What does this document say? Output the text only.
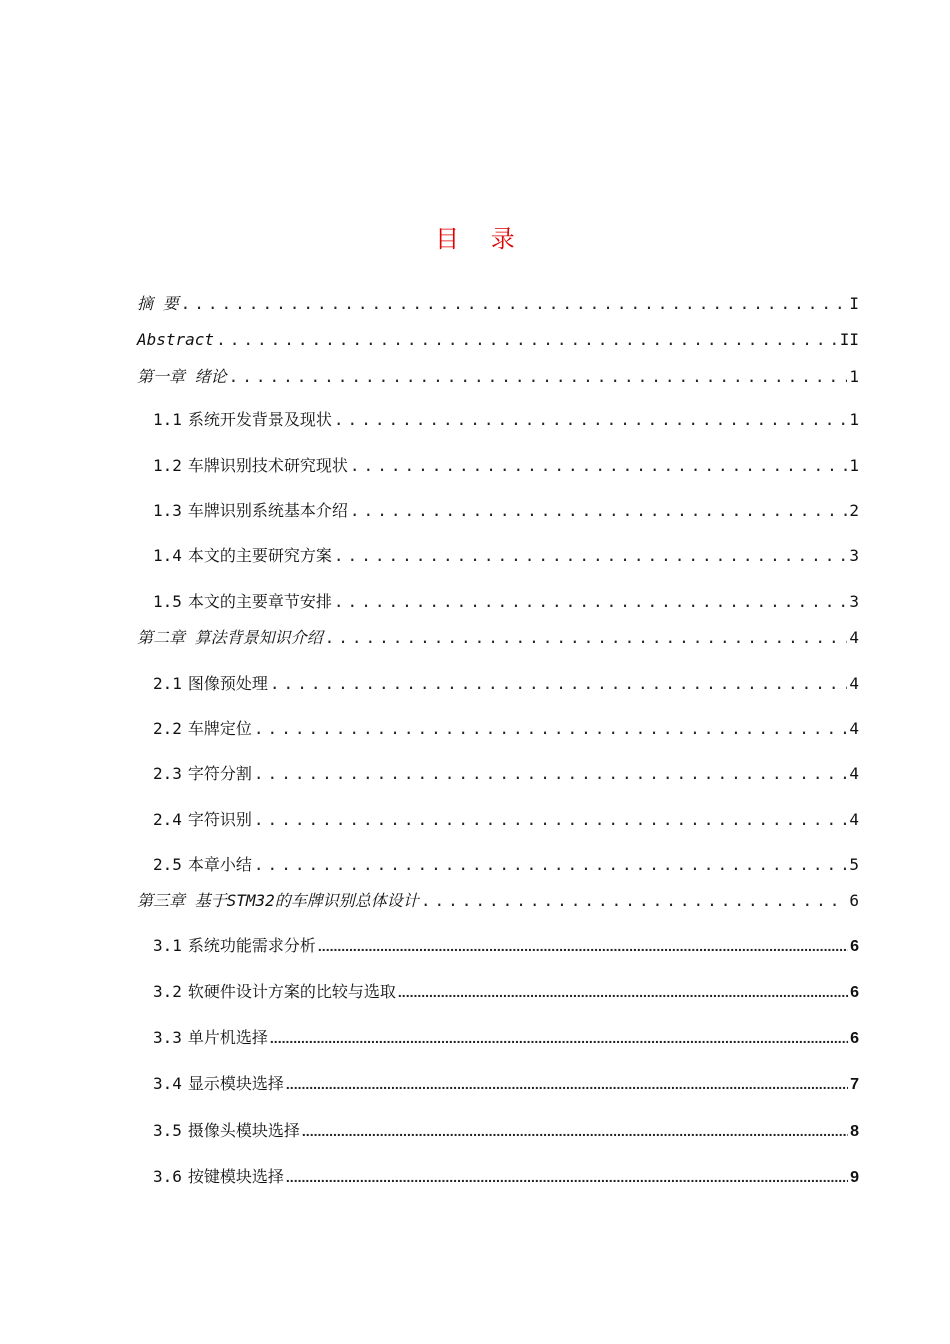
目 录
摘 要 .....	I
Abstract .....	II
第一章 绪论 .....	1
1.1 系统开发背景及现状 .....	1
1.2 车牌识别技术研究现状 .....	1
1.3 车牌识别系统基本介绍 .....	2
1.4 本文的主要研究方案 .....	3
1.5 本文的主要章节安排 .....	3
第二章 算法背景知识介绍 .....	4
2.1 图像预处理 .....	4
2.2 车牌定位 .....	4
2.3 字符分割 .....	4
2.4 字符识别 .....	4
2.5 本章小结 .....	5
第三章 基于STM32的车牌识别总体设计 .....	6
3.1 系统功能需求分析 .....	6
3.2 软硬件设计方案的比较与选取 .....	6
3.3 单片机选择 .....	6
3.4 显示模块选择 .....	7
3.5 摄像头模块选择 .....	8
3.6 按键模块选择 .....	9
